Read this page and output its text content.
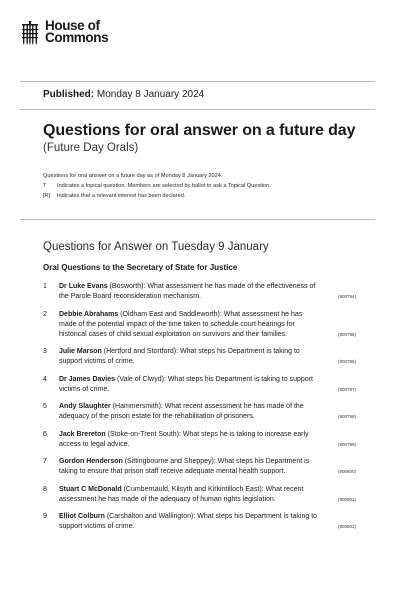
House of
Commons
Published: Monday 8 January 2024
Questions for oral answer on a future day
(Future Day Orals)
Questions for oral answer on a future day as of Monday 8 January 2024.
T	Indicates a topical question. Members are selected by ballot to ask a Topical Question.
[R]	Indicates that a relevant interest has been declared.
Questions for Answer on Tuesday 9 January
Oral Questions to the Secretary of State for Justice
1	Dr Luke Evans (Bosworth): What assessment he has made of the effectiveness of the Parole Board reconsideration mechanism.	(900794)
2	Debbie Abrahams (Oldham East and Saddleworth): What assessment he has made of the potential impact of the time taken to schedule court hearings for historical cases of child sexual exploitation on survivors and their families.	(900795)
3	Julie Marson (Hertford and Stortford): What steps his Department is taking to support victims of crime.	(900796)
4	Dr James Davies (Vale of Clwyd): What steps his Department is taking to support victims of crime.	(900797)
5	Andy Slaughter (Hammersmith): What recent assessment he has made of the adequacy of the prison estate for the rehabilitation of prisoners.	(900798)
6	Jack Brereton (Stoke-on-Trent South): What steps he is taking to increase early access to legal advice.	(900799)
7	Gordon Henderson (Sittingbourne and Sheppey): What steps his Department is taking to ensure that prison staff receive adequate mental health support.	(900800)
8	Stuart C McDonald (Cumbernauld, Kilsyth and Kirkintilloch East): What recent assessment he has made of the adequacy of human rights legislation.	(900801)
9	Elliot Colburn (Carshalton and Wallington): What steps his Department is taking to support victims of crime.	(900802)
